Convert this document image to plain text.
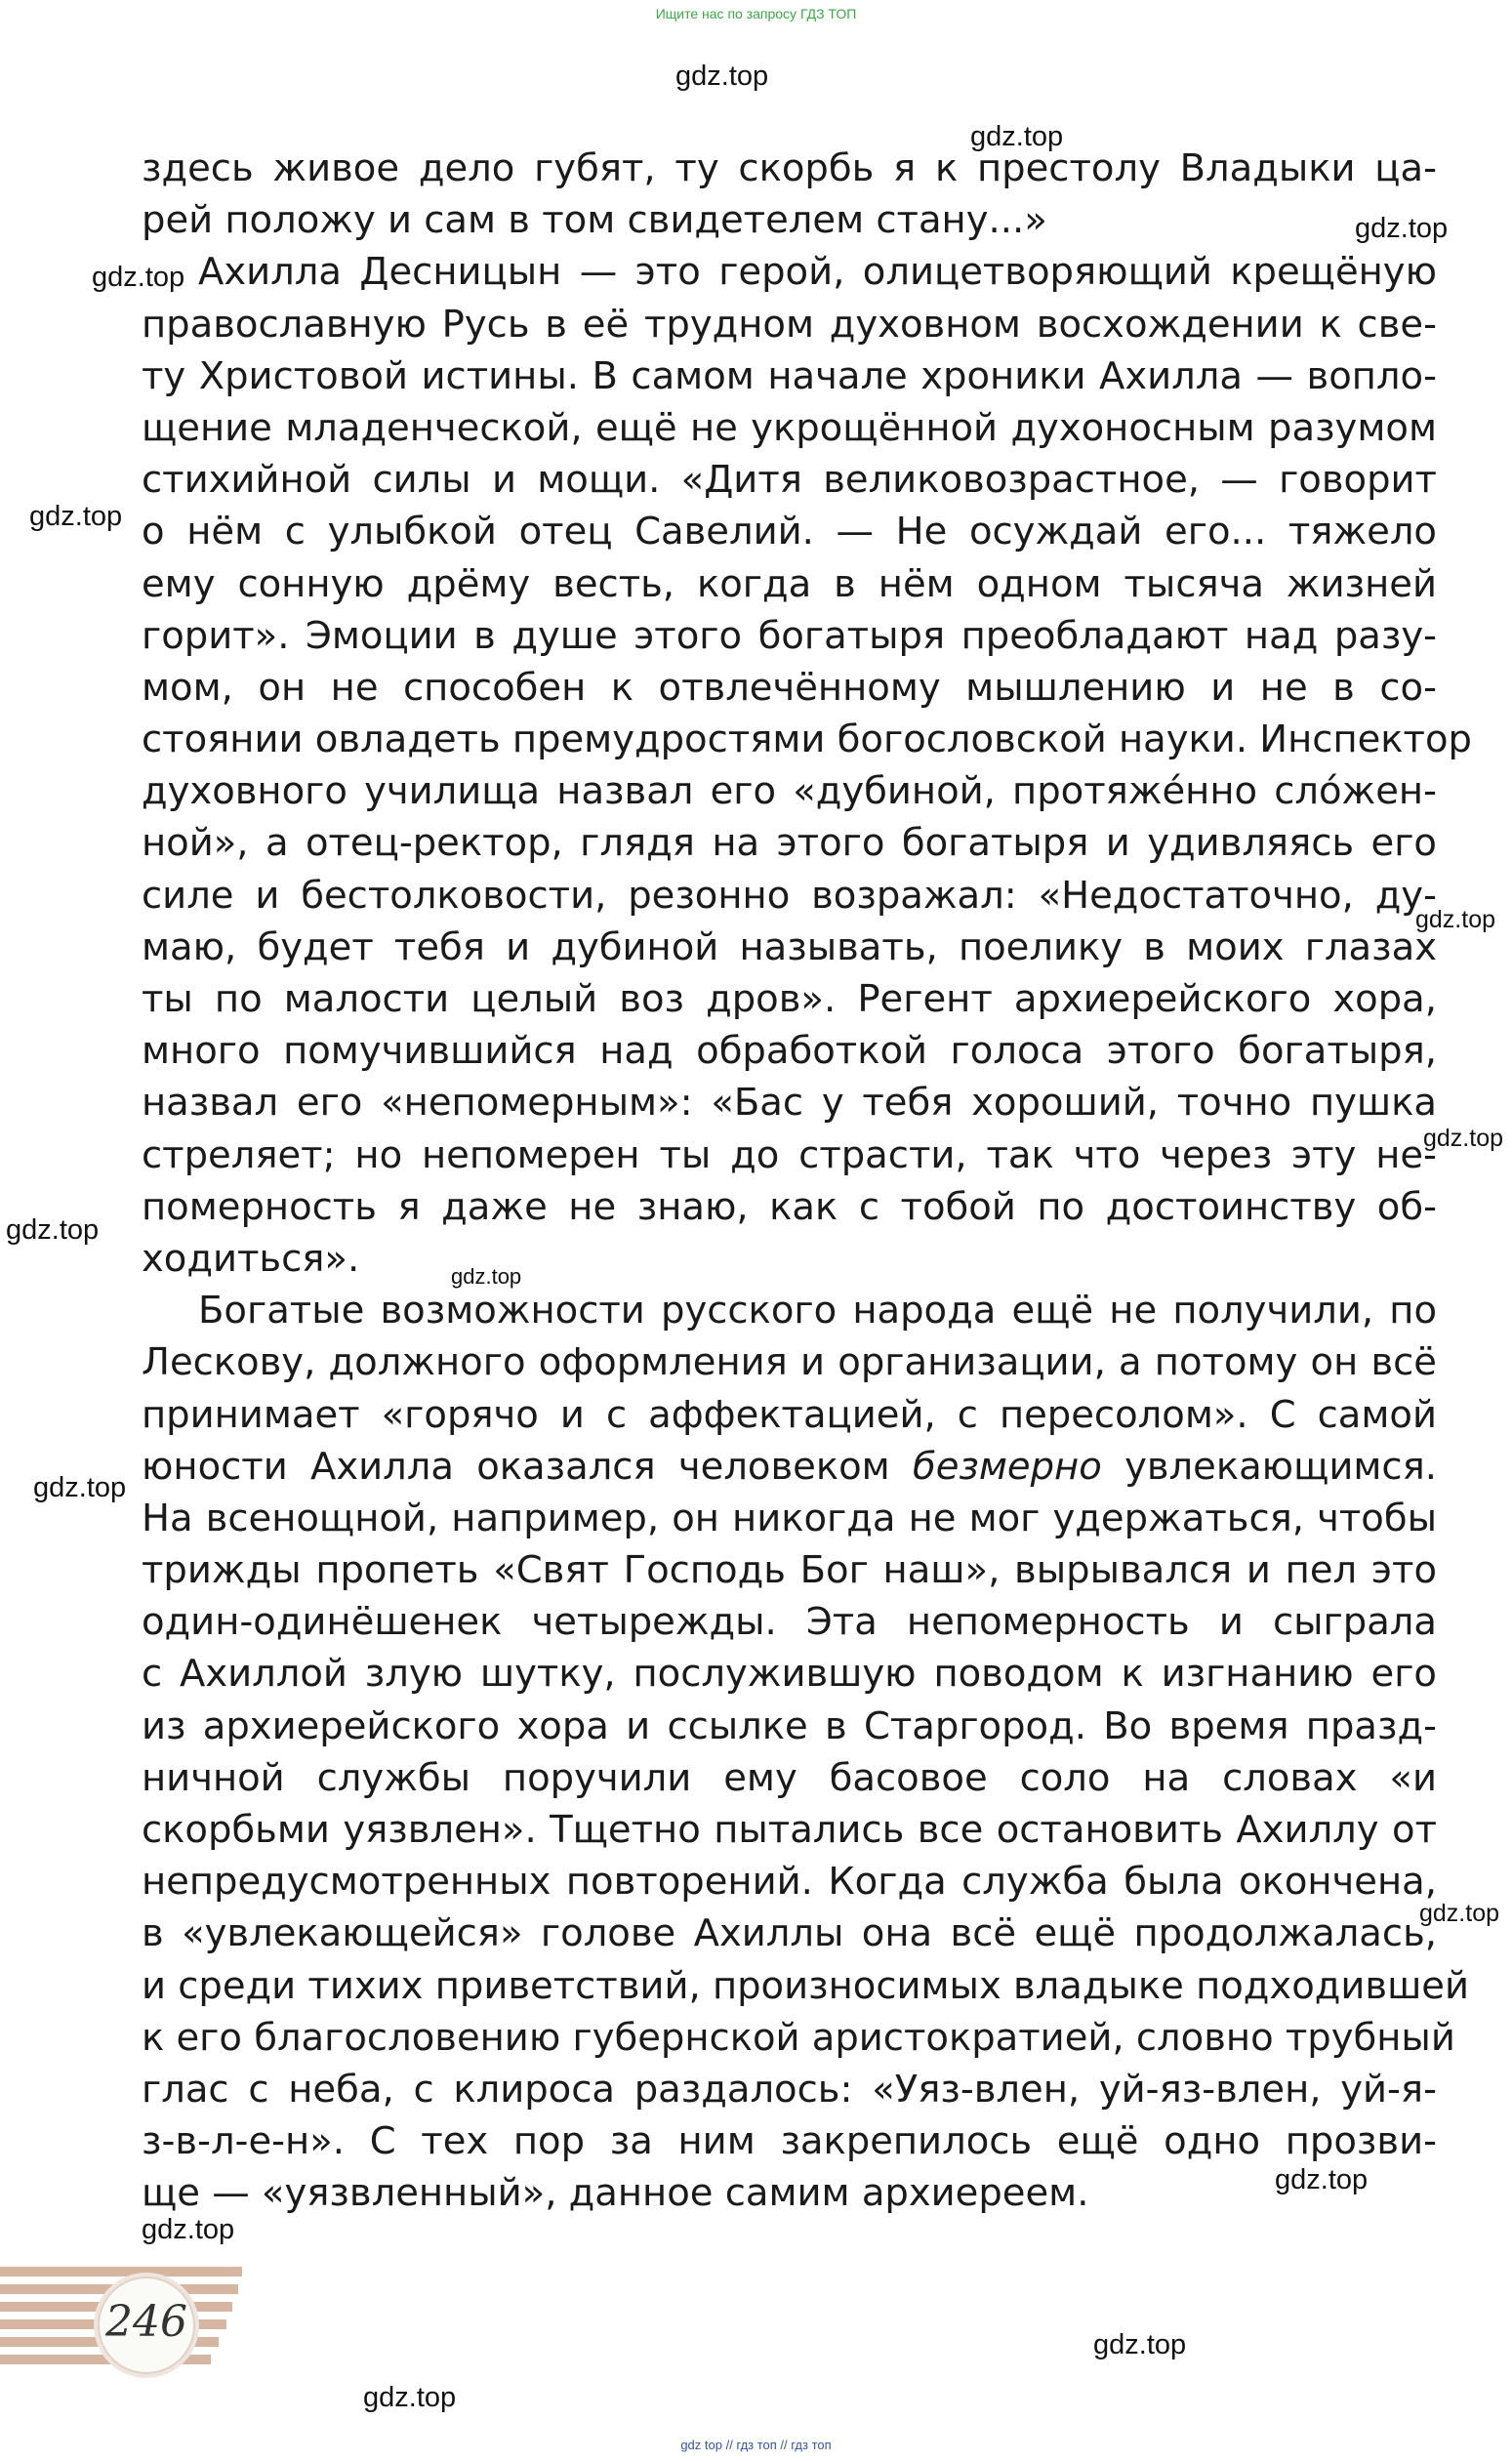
Ищите нас по запросу ГДЗ ТОП
gdz.top
gdz.top
gdz.top
gdz.top
gdz.top
gdz.top
gdz.top
gdz.top
gdz.top
gdz.top
gdz.top
gdz.top
gdz.top
gdz.top
gdz.top
здесь живое дело губят, ту скорбь я к престолу Владыки ца-
рей положу и сам в том свидетелем стану...»
Ахилла Десницын — это герой, олицетворяющий крещёную
православную Русь в её трудном духовном восхождении к све-
ту Христовой истины. В самом начале хроники Ахилла — вопло-
щение младенческой, ещё не укрощённой духоносным разумом
стихийной силы и мощи. «Дитя великовозрастное, — говорит
о нём с улыбкой отец Савелий. — Не осуждай его... тяжело
ему сонную дрёму весть, когда в нём одном тысяча жизней
горит». Эмоции в душе этого богатыря преобладают над разу-
мом, он не способен к отвлечённому мышлению и не в со-
стоянии овладеть премудростями богословской науки. Инспектор
духовного училища назвал его «дубиной, протяже́нно сло́жен-
ной», а отец-ректор, глядя на этого богатыря и удивляясь его
силе и бестолковости, резонно возражал: «Недостаточно, ду-
маю, будет тебя и дубиной называть, поелику в моих глазах
ты по малости целый воз дров». Регент архиерейского хора,
много помучившийся над обработкой голоса этого богатыря,
назвал его «непомерным»: «Бас у тебя хороший, точно пушка
стреляет; но непомерен ты до страсти, так что через эту не-
померность я даже не знаю, как с тобой по достоинству об-
ходиться».
Богатые возможности русского народа ещё не получили, по
Лескову, должного оформления и организации, а потому он всё
принимает «горячо и с аффектацией, с пересолом». С самой
юности Ахилла оказался человеком безмерно увлекающимся.
На всенощной, например, он никогда не мог удержаться, чтобы
трижды пропеть «Свят Господь Бог наш», вырывался и пел это
один-одинёшенек четырежды. Эта непомерность и сыграла
с Ахиллой злую шутку, послужившую поводом к изгнанию его
из архиерейского хора и ссылке в Старгород. Во время празд-
ничной службы поручили ему басовое соло на словах «и
скорбьми уязвлен». Тщетно пытались все остановить Ахиллу от
непредусмотренных повторений. Когда служба была окончена,
в «увлекающейся» голове Ахиллы она всё ещё продолжалась,
и среди тихих приветствий, произносимых владыке подходившей
к его благословению губернской аристократией, словно трубный
глас с неба, с клироса раздалось: «Уяз-влен, уй-яз-влен, уй-я-
з-в-л-е-н». С тех пор за ним закрепилось ещё одно прозви-
ще — «уязвленный», данное самим архиереем.
246
gdz top // гдз топ // гдз топ
